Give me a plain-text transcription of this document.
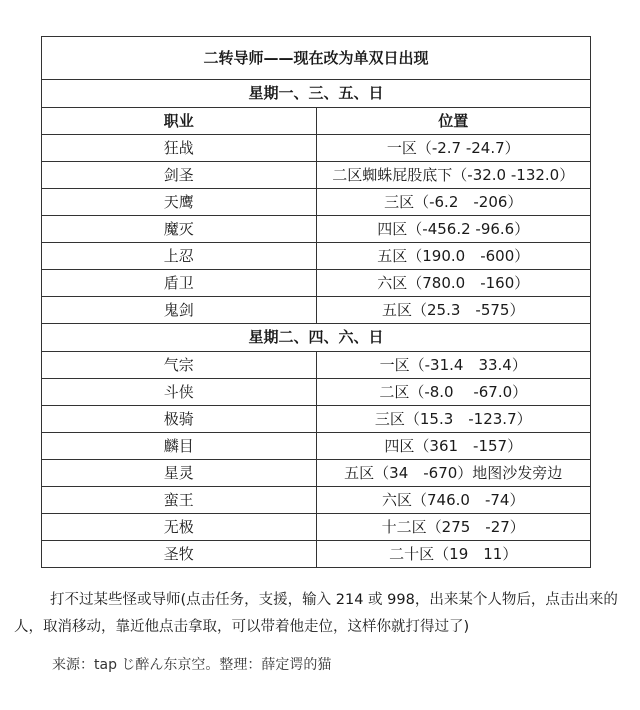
二转导师——现在改为单双日出现	
星期一、三、五、日	
职业	位置
狂战	一区（-2.7 -24.7）
剑圣	二区蜘蛛屁股底下（-32.0 -132.0）
天鹰	三区（-6.2　-206）
魔灭	四区（-456.2 -96.6）
上忍	五区（190.0　-600）
盾卫	六区（780.0　-160）
鬼剑	五区（25.3　-575）
星期二、四、六、日	
气宗	一区（-31.4　33.4）
斗侠	二区（-8.0　 -67.0）
极骑	三区（15.3　-123.7）
麟目	四区（361　-157）
星灵	五区（34　-670）地图沙发旁边
蛮王	六区（746.0　-74）
无极	十二区（275　-27）
圣牧	二十区（19　11）

打不过某些怪或导师(点击任务，支援，输入 214 或 998，出来某个人物后，点击出来的人，取消移动，靠近他点击拿取，可以带着他走位，这样你就打得过了)

来源：tap じ醉ん东京空。整理：薛定谔的猫
